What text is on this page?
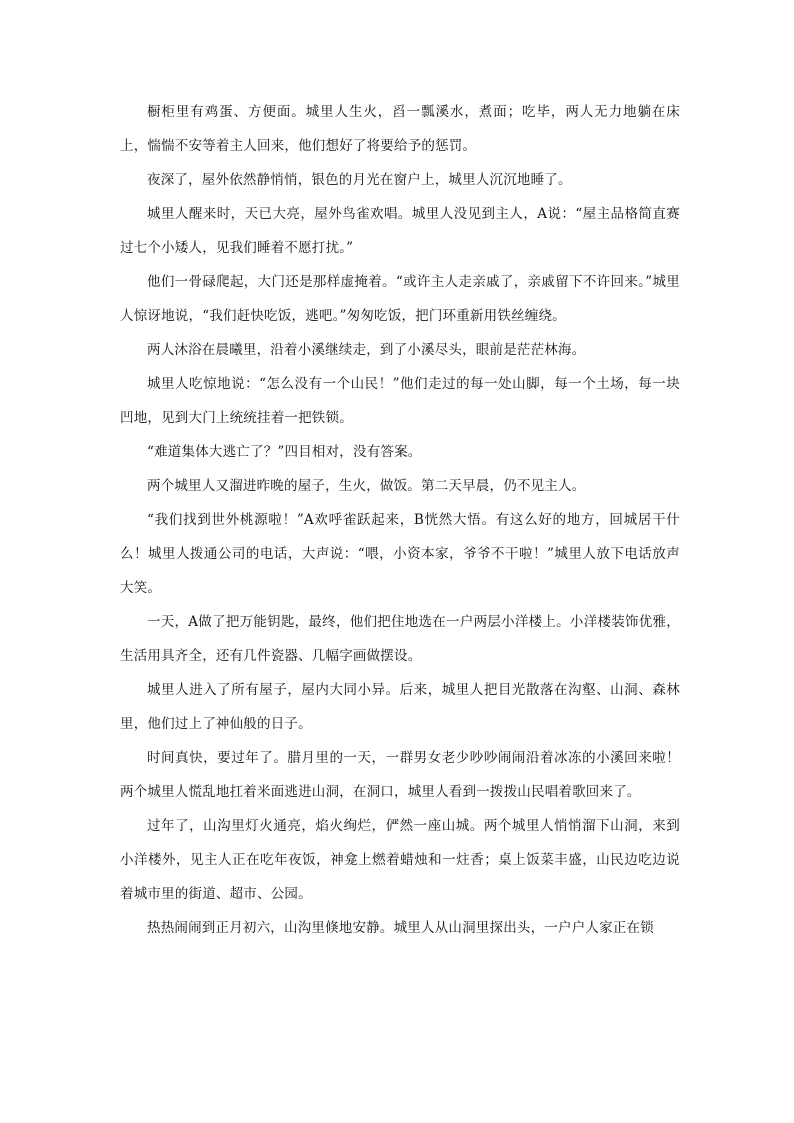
橱柜里有鸡蛋、方便面。城里人生火，舀一瓢溪水，煮面；吃毕，两人无力地躺在床上，惴惴不安等着主人回来，他们想好了将要给予的惩罚。

夜深了，屋外依然静悄悄，银色的月光在窗户上，城里人沉沉地睡了。

城里人醒来时，天已大亮，屋外鸟雀欢唱。城里人没见到主人，A说：“屋主品格简直赛过七个小矮人，见我们睡着不愿打扰。”

他们一骨碌爬起，大门还是那样虚掩着。“或许主人走亲戚了，亲戚留下不许回来。”城里人惊讶地说，“我们赶快吃饭，逃吧。”匆匆吃饭，把门环重新用铁丝缠绕。

两人沐浴在晨曦里，沿着小溪继续走，到了小溪尽头，眼前是茫茫林海。

城里人吃惊地说：“怎么没有一个山民！”他们走过的每一处山脚，每一个土场，每一块凹地，见到大门上统统挂着一把铁锁。

“难道集体大逃亡了？”四目相对，没有答案。

两个城里人又溜进昨晚的屋子，生火，做饭。第二天早晨，仍不见主人。

“我们找到世外桃源啦！”A欢呼雀跃起来，B恍然大悟。有这么好的地方，回城居干什么！城里人拨通公司的电话，大声说：“喂，小资本家，爷爷不干啦！”城里人放下电话放声大笑。

一天，A做了把万能钥匙，最终，他们把住地选在一户两层小洋楼上。小洋楼装饰优雅，生活用具齐全，还有几件瓷器、几幅字画做摆设。

城里人进入了所有屋子，屋内大同小异。后来，城里人把目光散落在沟壑、山洞、森林里，他们过上了神仙般的日子。

时间真快，要过年了。腊月里的一天，一群男女老少吵吵闹闹沿着冰冻的小溪回来啦！两个城里人慌乱地扛着米面逃进山洞，在洞口，城里人看到一拨拨山民唱着歌回来了。

过年了，山沟里灯火通亮，焰火绚烂，俨然一座山城。两个城里人悄悄溜下山洞，来到小洋楼外，见主人正在吃年夜饭，神龛上燃着蜡烛和一炷香；桌上饭菜丰盛，山民边吃边说着城市里的街道、超市、公园。

热热闹闹到正月初六，山沟里倏地安静。城里人从山洞里探出头，一户户人家正在锁
